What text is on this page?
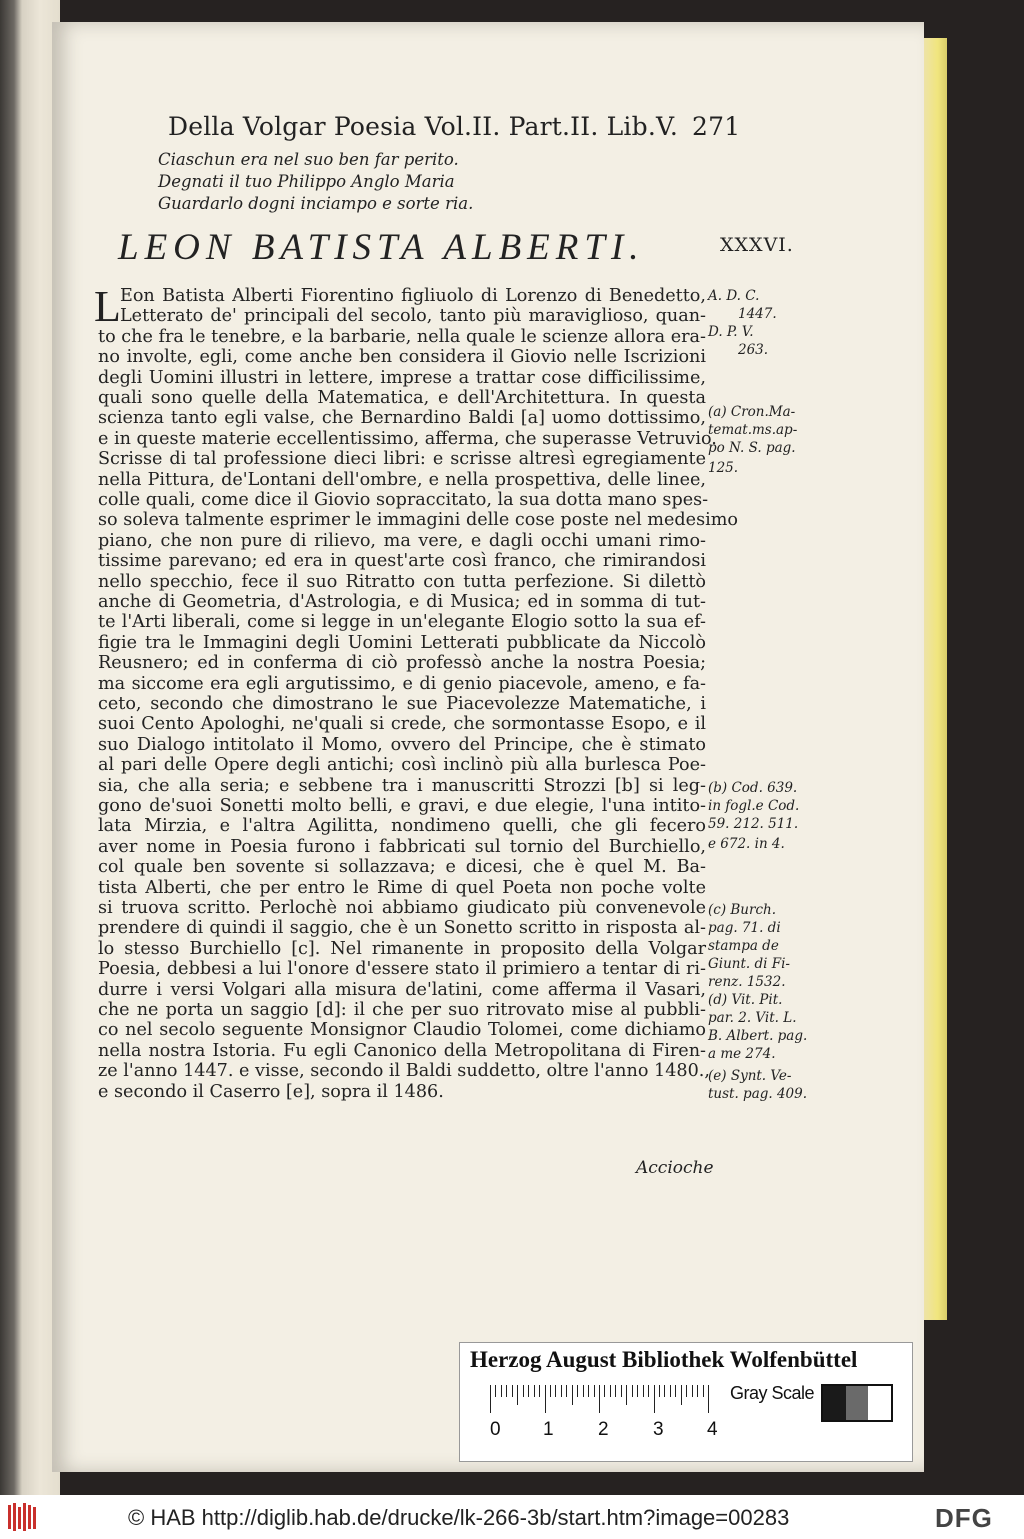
Della Volgar Poesia Vol.II. Part.II. Lib.V. 271
Ciaschun era nel suo ben far perito.
Degnati il tuo Philippo Anglo Maria
Guardarlo dogni inciampo e sorte ria.
LEON BATISTA ALBERTI.	XXXVI.
L Eon Batista Alberti Fiorentino figliuolo di Lorenzo di Benedetto,
Letterato de' principali del secolo, tanto più maraviglioso, quan-
to che fra le tenebre, e la barbarie, nella quale le scienze allora era-
no involte, egli, come anche ben considera il Giovio nelle Iscrizioni
degli Uomini illustri in lettere, imprese a trattar cose difficilissime,
quali sono quelle della Matematica, e dell'Architettura. In questa
scienza tanto egli valse, che Bernardino Baldi [a] uomo dottissimo,
e in queste materie eccellentissimo, afferma, che superasse Vetruvio.
Scrisse di tal professione dieci libri: e scrisse altresì egregiamente
nella Pittura, de'Lontani dell'ombre, e nella prospettiva, delle linee,
colle quali, come dice il Giovio sopraccitato, la sua dotta mano spes-
so soleva talmente esprimer le immagini delle cose poste nel medesimo
piano, che non pure di rilievo, ma vere, e dagli occhi umani rimo-
tissime parevano; ed era in quest'arte così franco, che rimirandosi
nello specchio, fece il suo Ritratto con tutta perfezione. Si dilettò
anche di Geometria, d'Astrologia, e di Musica; ed in somma di tut-
te l'Arti liberali, come si legge in un'elegante Elogio sotto la sua ef-
figie tra le Immagini degli Uomini Letterati pubblicate da Niccolò
Reusnero; ed in conferma di ciò professò anche la nostra Poesia;
ma siccome era egli argutissimo, e di genio piacevole, ameno, e fa-
ceto, secondo che dimostrano le sue Piacevolezze Matematiche, i
suoi Cento Apologhi, ne'quali si crede, che sormontasse Esopo, e il
suo Dialogo intitolato il Momo, ovvero del Principe, che è stimato
al pari delle Opere degli antichi; così inclinò più alla burlesca Poe-
sia, che alla seria; e sebbene tra i manuscritti Strozzi [b] si leg-
gono de'suoi Sonetti molto belli, e gravi, e due elegie, l'una intito-
lata Mirzia, e l'altra Agilitta, nondimeno quelli, che gli fecero
aver nome in Poesia furono i fabbricati sul tornio del Burchiello,
col quale ben sovente si sollazzava; e dicesi, che è quel M. Ba-
tista Alberti, che per entro le Rime di quel Poeta non poche volte
si truova scritto. Perlochè noi abbiamo giudicato più convenevole
prendere di quindi il saggio, che è un Sonetto scritto in risposta al-
lo stesso Burchiello [c]. Nel rimanente in proposito della Volgar
Poesia, debbesi a lui l'onore d'essere stato il primiero a tentar di ri-
durre i versi Volgari alla misura de'latini, come afferma il Vasari,
che ne porta un saggio [d]: il che per suo ritrovato mise al pubbli-
co nel secolo seguente Monsignor Claudio Tolomei, come dichiamo
nella nostra Istoria. Fu egli Canonico della Metropolitana di Firen-
ze l'anno 1447. e visse, secondo il Baldi suddetto, oltre l'anno 1480.,
e secondo il Caserro [e], sopra il 1486.
A. D. C.
1447.
D. P. V.
263.
(a) Cron.Ma-
temat.ms.ap-
po N. S. pag.
125.
(b) Cod. 639.
in fogl.e Cod.
59. 212. 511.
e 672. in 4.
(c) Burch.
pag. 71. di
stampa de
Giunt. di Fi-
renz. 1532.
(d) Vit. Pit.
par. 2. Vit. L.
B. Albert. pag.
a me 274.
(e) Synt. Ve-
tust. pag. 409.
Accioche
Herzog August Bibliothek Wolfenbüttel
0 1 2 3 4
Gray Scale
© HAB http://diglib.hab.de/drucke/lk-266-3b/start.htm?image=00283	DFG
